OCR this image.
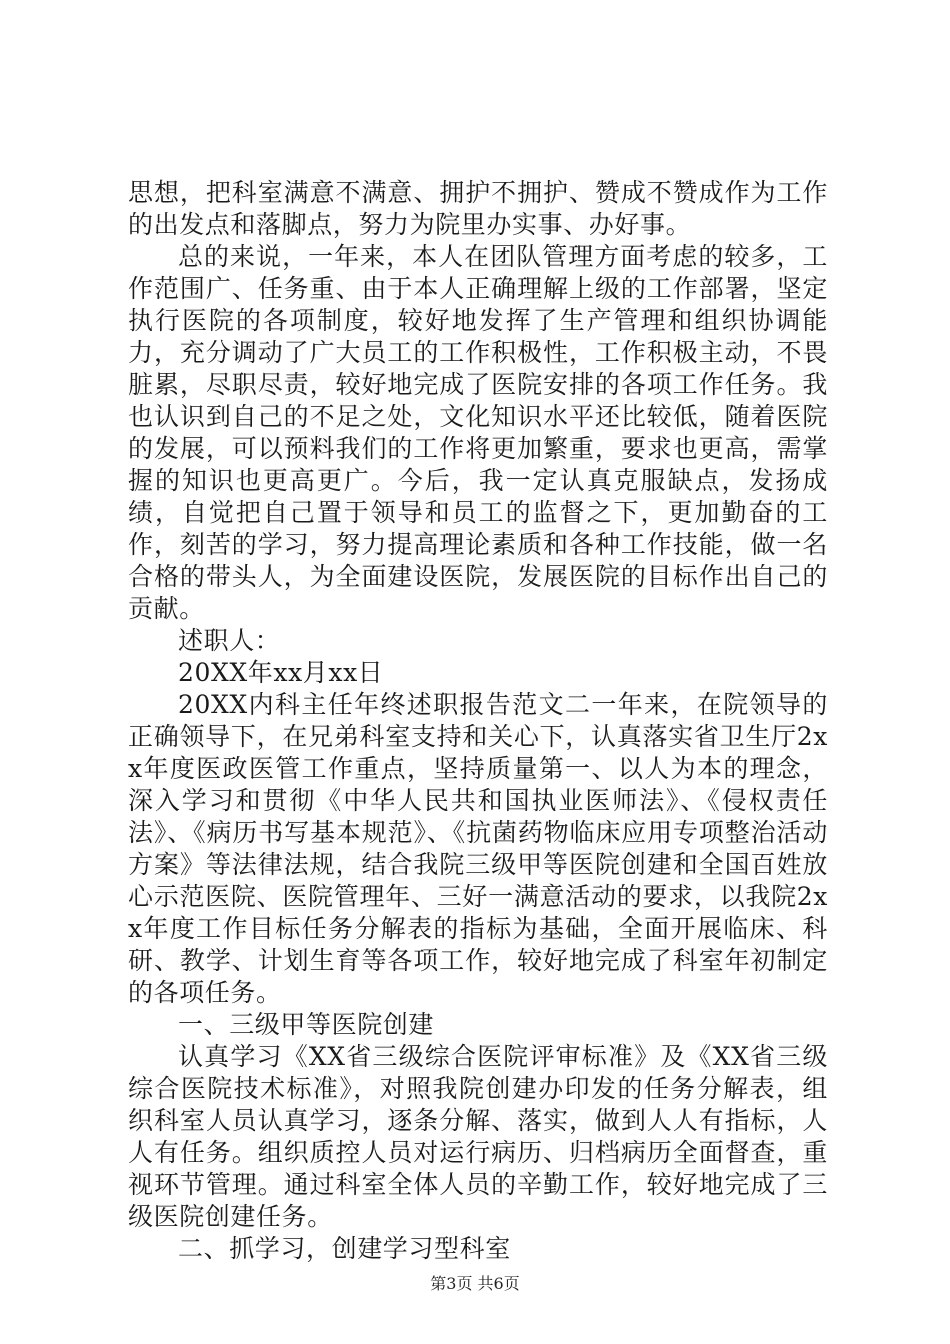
思想，把科室满意不满意、拥护不拥护、赞成不赞成作为工作的出发点和落脚点，努力为院里办实事、办好事。

总的来说，一年来，本人在团队管理方面考虑的较多，工作范围广、任务重、由于本人正确理解上级的工作部署，坚定执行医院的各项制度，较好地发挥了生产管理和组织协调能力，充分调动了广大员工的工作积极性，工作积极主动，不畏脏累，尽职尽责，较好地完成了医院安排的各项工作任务。我也认识到自己的不足之处，文化知识水平还比较低，随着医院的发展，可以预料我们的工作将更加繁重，要求也更高，需掌握的知识也更高更广。今后，我一定认真克服缺点，发扬成绩，自觉把自己置于领导和员工的监督之下，更加勤奋的工作，刻苦的学习，努力提高理论素质和各种工作技能，做一名合格的带头人，为全面建设医院，发展医院的目标作出自己的贡献。

述职人：

20XX年xx月xx日

20XX内科主任年终述职报告范文二一年来，在院领导的正确领导下，在兄弟科室支持和关心下，认真落实省卫生厅2xx年度医政医管工作重点，坚持质量第一、以人为本的理念，深入学习和贯彻《中华人民共和国执业医师法》、《侵权责任法》、《病历书写基本规范》、《抗菌药物临床应用专项整治活动方案》等法律法规，结合我院三级甲等医院创建和全国百姓放心示范医院、医院管理年、三好一满意活动的要求，以我院2xx年度工作目标任务分解表的指标为基础，全面开展临床、科研、教学、计划生育等各项工作，较好地完成了科室年初制定的各项任务。

一、三级甲等医院创建

认真学习《XX省三级综合医院评审标准》及《XX省三级综合医院技术标准》，对照我院创建办印发的任务分解表，组织科室人员认真学习，逐条分解、落实，做到人人有指标，人人有任务。组织质控人员对运行病历、归档病历全面督查，重视环节管理。通过科室全体人员的辛勤工作，较好地完成了三级医院创建任务。

二、抓学习，创建学习型科室

第3页 共6页
